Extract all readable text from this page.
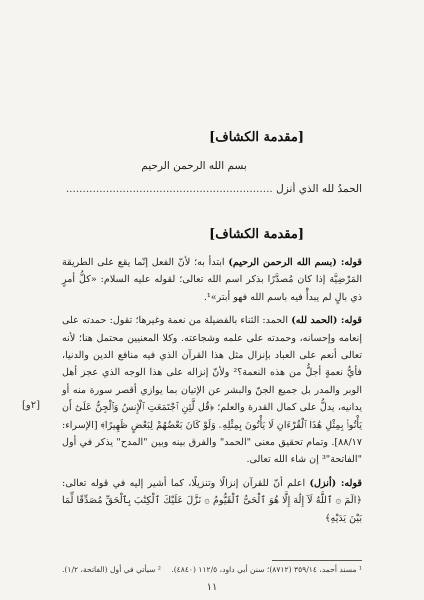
[مقدمة الكشاف]
بسم الله الرحمن الرحيم
الحمدُ لله الذي أنزل ..............................................................
[مقدمة الكشاف]

قوله: (بسم الله الرحمن الرحيم) ابتدأ به؛ لأنّ الفعل إنّما يقع على الطريقة المَرْضِيَّة إذا كان مُصدَّرًا بذكر اسم الله تعالى؛ لقوله عليه السلام: «كلُّ أمرٍ ذي بالٍ لم يبدأْ فيه باسم الله فهو أبتر»¹.

قوله: (الحمد لله) الحمد: الثناء بالفضيلة من نعمة وغيرها؛ تقول: حمدته على إنعامه وإحسانه، وحمدته على علمه وشجاعته. وكلا المعنيين محتمل هنا؛ لأنه تعالى أنعم على العباد بإنزال مثل هذا القرآن الذي فيه منافع الدين والدنيا، فأيُّ نعمةٍ أجلُّ من هذه النعمة؟² ولأنّ إنزاله على هذا الوجه الذي عجز أهل الوبر والمدر بل جميع الجنّ والبشر عن الإتيان بما يوازي أقصر سورة منه أو يدانيه، يدلُّ على كمال القدرة والعلم؛ ﴿قُل لَّئِنِ ٱجْتَمَعَتِ ٱلْإِنسُ وَٱلْجِنُّ عَلَىٰٓ أَن يَأْتُوا۟ بِمِثْلِ هَٰذَا ٱلْقُرْءَانِ لَا يَأْتُونَ بِمِثْلِهِۦ وَلَوْ كَانَ بَعْضُهُمْ لِبَعْضٍ ظَهِيرًا﴾ [الإسراء: ٨٨/١٧]. وتمام تحقيق معنى "الحمد" والفرق بينه وبين "المدح" يذكر في أول "الفاتحة"³ إن شاء الله تعالى.

قوله: (أنزل) اعلم أنّ للقرآن إنزالًا وتنزيلًا، كما أشير إليه في قوله تعالى: ﴿الٓمٓ ۞ ٱللَّهُ لَآ إِلَٰهَ إِلَّا هُوَ ٱلْحَىُّ ٱلْقَيُّومُ ۞ نَزَّلَ عَلَيْكَ ٱلْكِتَٰبَ بِٱلْحَقِّ مُصَدِّقًا لِّمَا بَيْنَ يَدَيْهِ﴾

[٢و]
¹ مسند أحمد، ٣٥٩/١٤ (٨٧١٢)؛ سنن أبي داود، ١١٢/٥ (٤٨٤٠).
² سيأتي في أول (الفاتحة، ١/٢).
١١
